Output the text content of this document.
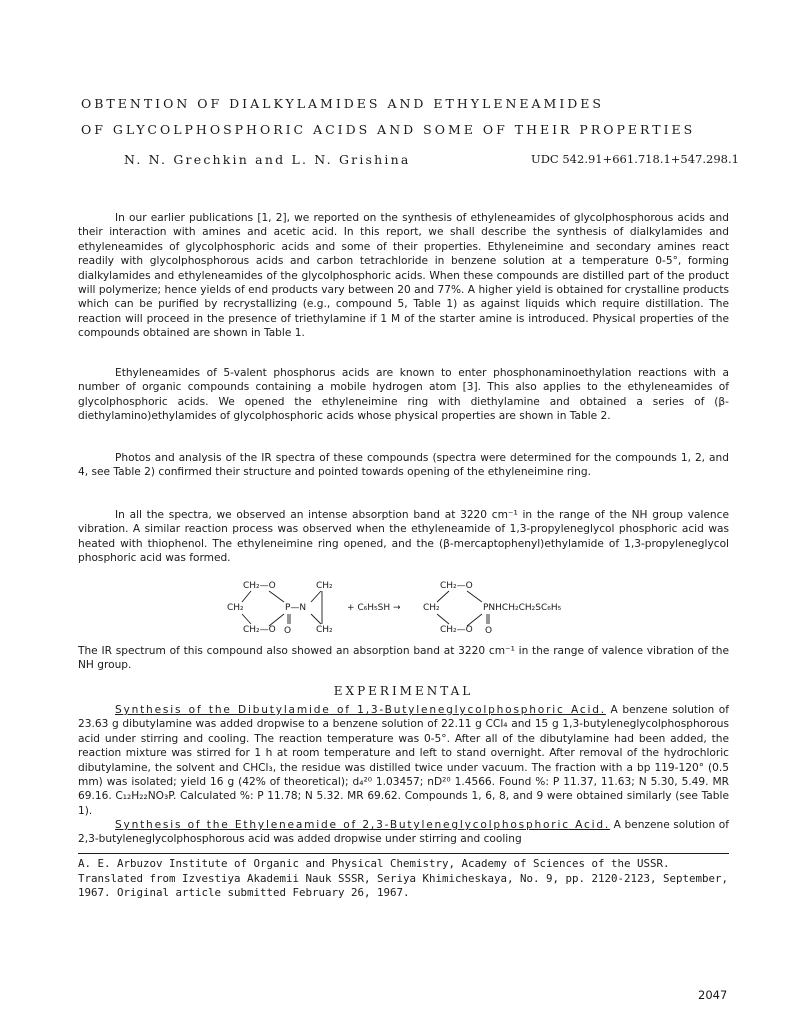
OBTENTION OF DIALKYLAMIDES AND ETHYLENEAMIDES
OF GLYCOLPHOSPHORIC ACIDS AND SOME OF THEIR PROPERTIES
N. N. Grechkin and L. N. Grishina	UDC 542.91+661.718.1+547.298.1
In our earlier publications [1, 2], we reported on the synthesis of ethyleneamides of glycolphosphorous acids and their interaction with amines and acetic acid. In this report, we shall describe the synthesis of dialkylamides and ethyleneamides of glycolphosphoric acids and some of their properties. Ethyleneimine and secondary amines react readily with glycolphosphorous acids and carbon tetrachloride in benzene solution at a temperature 0-5°, forming dialkylamides and ethyleneamides of the glycolphosphoric acids. When these compounds are distilled part of the product will polymerize; hence yields of end products vary between 20 and 77%. A higher yield is obtained for crystalline products which can be purified by recrystallizing (e.g., compound 5, Table 1) as against liquids which require distillation. The reaction will proceed in the presence of triethylamine if 1 M of the starter amine is introduced. Physical properties of the compounds obtained are shown in Table 1.
Ethyleneamides of 5-valent phosphorus acids are known to enter phosphonaminoethylation reactions with a number of organic compounds containing a mobile hydrogen atom [3]. This also applies to the ethyleneamides of glycolphosphoric acids. We opened the ethyleneimine ring with diethylamine and obtained a series of (β-diethylamino)ethylamides of glycolphosphoric acids whose physical properties are shown in Table 2.
Photos and analysis of the IR spectra of these compounds (spectra were determined for the compounds 1, 2, and 4, see Table 2) confirmed their structure and pointed towards opening of the ethyleneimine ring.
In all the spectra, we observed an intense absorption band at 3220 cm⁻¹ in the range of the NH group valence vibration. A similar reaction process was observed when the ethyleneamide of 1,3-propyleneglycol phosphoric acid was heated with thiophenol. The ethyleneimine ring opened, and the (β-mercaptophenyl)ethylamide of 1,3-propyleneglycol phosphoric acid was formed.
CH₂—O	CH₂
CH₂	P—N
CH₂—O O	CH₂
+ C₆H₅SH →
CH₂—O
CH₂	PNHCH₂CH₂SC₆H₅
CH₂—O O
The IR spectrum of this compound also showed an absorption band at 3220 cm⁻¹ in the range of valence vibration of the NH group.
EXPERIMENTAL
Synthesis of the Dibutylamide of 1,3-Butyleneglycolphosphoric Acid. A benzene solution of 23.63 g dibutylamine was added dropwise to a benzene solution of 22.11 g CCl₄ and 15 g 1,3-butyleneglycolphosphorous acid under stirring and cooling. The reaction temperature was 0-5°. After all of the dibutylamine had been added, the reaction mixture was stirred for 1 h at room temperature and left to stand overnight. After removal of the hydrochloric dibutylamine, the solvent and CHCl₃, the residue was distilled twice under vacuum. The fraction with a bp 119-120° (0.5 mm) was isolated; yield 16 g (42% of theoretical); d₄²⁰ 1.03457; nD²⁰ 1.4566. Found %: P 11.37, 11.63; N 5.30, 5.49. MR 69.16. C₁₂H₂₂NO₃P. Calculated %: P 11.78; N 5.32. MR 69.62. Compounds 1, 6, 8, and 9 were obtained similarly (see Table 1).
Synthesis of the Ethyleneamide of 2,3-Butyleneglycolphosphoric Acid. A benzene solution of 2,3-butyleneglycolphosphorous acid was added dropwise under stirring and cooling
A. E. Arbuzov Institute of Organic and Physical Chemistry, Academy of Sciences of the USSR. Translated from Izvestiya Akademii Nauk SSSR, Seriya Khimicheskaya, No. 9, pp. 2120-2123, September, 1967. Original article submitted February 26, 1967.
2047
